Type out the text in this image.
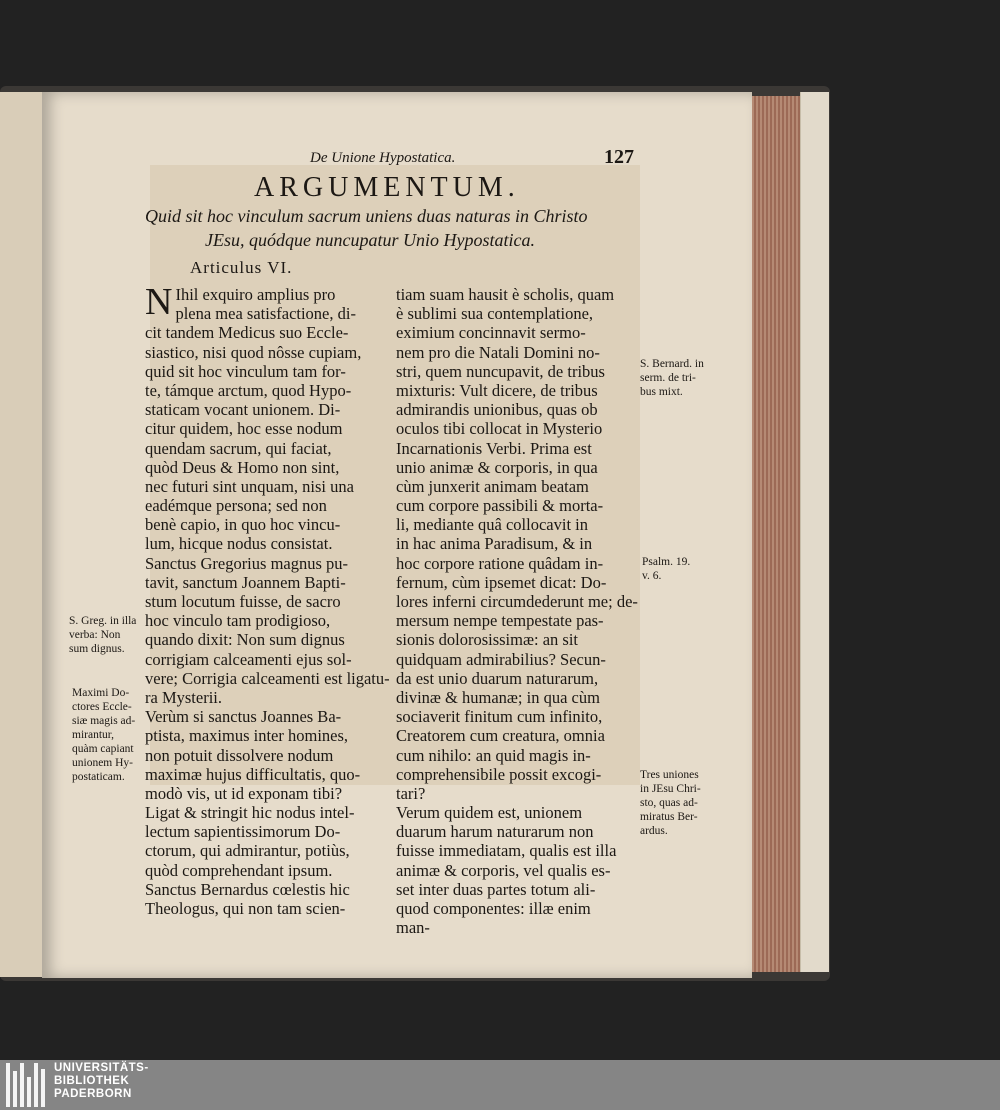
De Unione Hypostatica.	127
ARGUMENTUM.
Quid sit hoc vinculum sacrum uniens duas naturas in Christo
JEsu, quódque nuncupatur Unio Hypostatica.
Articulus VI.
N Ihil exquiro amplius pro
plena mea satisfactione, di-
cit tandem Medicus suo Eccle-
siastico, nisi quod nôsse cupiam,
quid sit hoc vinculum tam for-
te, támque arctum, quod Hypo-
staticam vocant unionem. Di-
citur quidem, hoc esse nodum
quendam sacrum, qui faciat,
quòd Deus & Homo non sint,
nec futuri sint unquam, nisi una
eadémque persona; sed non
benè capio, in quo hoc vincu-
lum, hicque nodus consistat.
Sanctus Gregorius magnus pu-
tavit, sanctum Joannem Bapti-
stum locutum fuisse, de sacro
hoc vinculo tam prodigioso,
quando dixit: Non sum dignus
corrigiam calceamenti ejus sol-
vere; Corrigia calceamenti est ligatu-
ra Mysterii.
Verùm si sanctus Joannes Ba-
ptista, maximus inter homines,
non potuit dissolvere nodum
maximæ hujus difficultatis, quo-
modò vis, ut id exponam tibi?
Ligat & stringit hic nodus intel-
lectum sapientissimorum Do-
ctorum, qui admirantur, potiùs,
quòd comprehendant ipsum.
Sanctus Bernardus cœlestis hic
Theologus, qui non tam scien-
tiam suam hausit è scholis, quam
è sublimi sua contemplatione,
eximium concinnavit sermo-
nem pro die Natali Domini no-
stri, quem nuncupavit, de tribus
mixturis: Vult dicere, de tribus
admirandis unionibus, quas ob
oculos tibi collocat in Mysterio
Incarnationis Verbi. Prima est
unio animæ & corporis, in qua
cùm junxerit animam beatam
cum corpore passibili & morta-
li, mediante quâ collocavit in
in hac anima Paradisum, & in
hoc corpore ratione quâdam in-
fernum, cùm ipsemet dicat: Do-
lores inferni circumdederunt me; de-
mersum nempe tempestate pas-
sionis dolorosissimæ: an sit
quidquam admirabilius? Secun-
da est unio duarum naturarum,
divinæ & humanæ; in qua cùm
sociaverit finitum cum infinito,
Creatorem cum creatura, omnia
cum nihilo: an quid magis in-
comprehensibile possit excogi-
tari?
Verum quidem est, unionem
duarum harum naturarum non
fuisse immediatam, qualis est illa
animæ & corporis, vel qualis es-
set inter duas partes totum ali-
quod componentes: illæ enim
man-
S. Bernard. in
serm. de tri-
bus mixt.
Psalm. 19.
v. 6.
S. Greg. in illa
verba: Non
sum dignus.
Maximi Do-
ctores Eccle-
siæ magis ad-
mirantur,
quàm capiant
unionem Hy-
postaticam.	Tres uniones
in JEsu Chri-
sto, quas ad-
miratus Ber-
ardus.
UNIVERSITÄTS-
BIBLIOTHEK
PADERBORN
